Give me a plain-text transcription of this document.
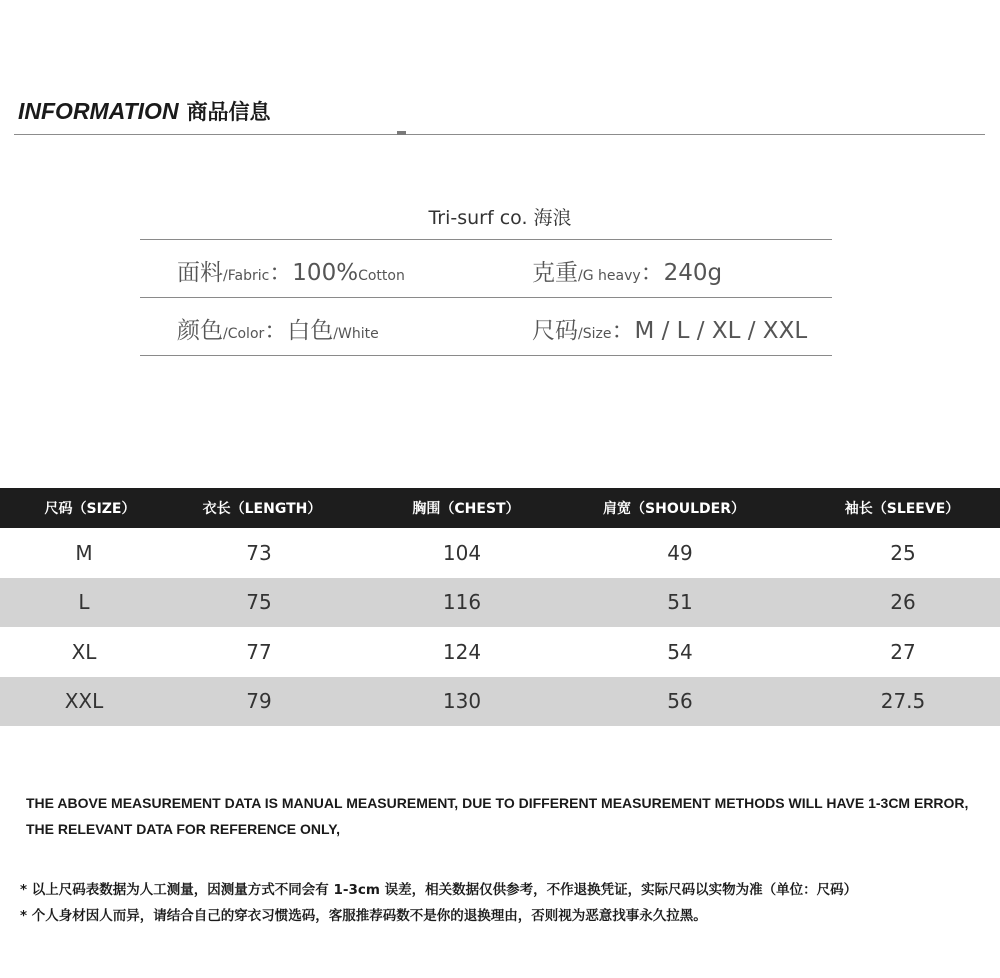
INFORMATION 商品信息
Tri-surf co. 海浪
面料/Fabric：100%Cotton	克重/G heavy：240g
颜色/Color：白色/White	尺码/Size：M / L / XL / XXL
尺码（SIZE）	衣长（LENGTH）	胸围（CHEST）	肩宽（SHOULDER）	袖长（SLEEVE）
M	73	104	49	25
L	75	116	51	26
XL	77	124	54	27
XXL	79	130	56	27.5
THE ABOVE MEASUREMENT DATA IS MANUAL MEASUREMENT, DUE TO DIFFERENT MEASUREMENT METHODS WILL HAVE 1-3CM ERROR,
THE RELEVANT DATA FOR REFERENCE ONLY,
* 以上尺码表数据为人工测量，因测量方式不同会有 1-3cm 误差，相关数据仅供参考，不作退换凭证，实际尺码以实物为准（单位：尺码）
* 个人身材因人而异，请结合自己的穿衣习惯选码，客服推荐码数不是你的退换理由，否则视为恶意找事永久拉黑。
